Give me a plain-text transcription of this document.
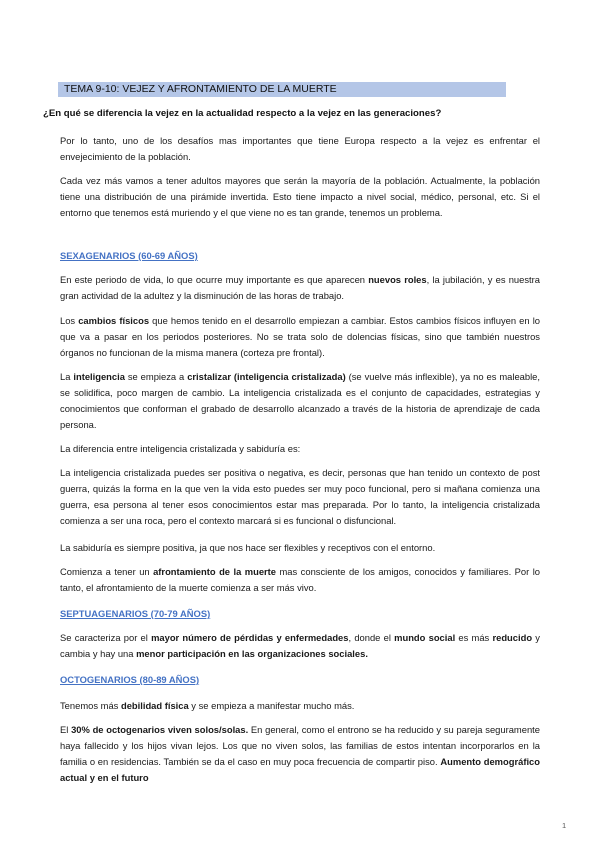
TEMA 9-10: VEJEZ Y AFRONTAMIENTO DE LA MUERTE
¿En qué se diferencia la vejez en la actualidad respecto a la vejez en las generaciones?
Por lo tanto, uno de los desafíos mas importantes que tiene Europa respecto a la vejez es enfrentar el envejecimiento de la población.
Cada vez más vamos a tener adultos mayores que serán la mayoría de la población. Actualmente, la población tiene una distribución de una pirámide invertida. Esto tiene impacto a nivel social, médico, personal, etc. Si el entorno que tenemos está muriendo y el que viene no es tan grande, tenemos un problema.
SEXAGENARIOS (60-69 AÑOS)
En este periodo de vida, lo que ocurre muy importante es que aparecen nuevos roles, la jubilación, y es nuestra gran actividad de la adultez y la disminución de las horas de trabajo.
Los cambios físicos que hemos tenido en el desarrollo empiezan a cambiar. Estos cambios físicos influyen en lo que va a pasar en los periodos posteriores. No se trata solo de dolencias físicas, sino que también nuestros órganos no funcionan de la misma manera (corteza pre frontal).
La inteligencia se empieza a cristalizar (inteligencia cristalizada) (se vuelve más inflexible), ya no es maleable, se solidifica, poco margen de cambio. La inteligencia cristalizada es el conjunto de capacidades, estrategias y conocimientos que conforman el grabado de desarrollo alcanzado a través de la historia de aprendizaje de cada persona.
La diferencia entre inteligencia cristalizada y sabiduría es:
La inteligencia cristalizada puedes ser positiva o negativa, es decir, personas que han tenido un contexto de post guerra, quizás la forma en la que ven la vida esto puedes ser muy poco funcional, pero si mañana comienza una guerra, esa persona al tener esos conocimientos estar mas preparada. Por lo tanto, la inteligencia cristalizada comienza a ser una roca, pero el contexto marcará si es funcional o disfuncional.
La sabiduría es siempre positiva, ja que nos hace ser flexibles y receptivos con el entorno.
Comienza a tener un afrontamiento de la muerte mas consciente de los amigos, conocidos y familiares. Por lo tanto, el afrontamiento de la muerte comienza a ser más vivo.
SEPTUAGENARIOS (70-79 AÑOS)
Se caracteriza por el mayor número de pérdidas y enfermedades, donde el mundo social es más reducido y cambia y hay una menor participación en las organizaciones sociales.
OCTOGENARIOS (80-89 AÑOS)
Tenemos más debilidad física y se empieza a manifestar mucho más.
El 30% de octogenarios viven solos/solas. En general, como el entrono se ha reducido y su pareja seguramente haya fallecido y los hijos vivan lejos. Los que no viven solos, las familias de estos intentan incorporarlos en la familia o en residencias. También se da el caso en muy poca frecuencia de compartir piso. Aumento demográfico actual y en el futuro
1
